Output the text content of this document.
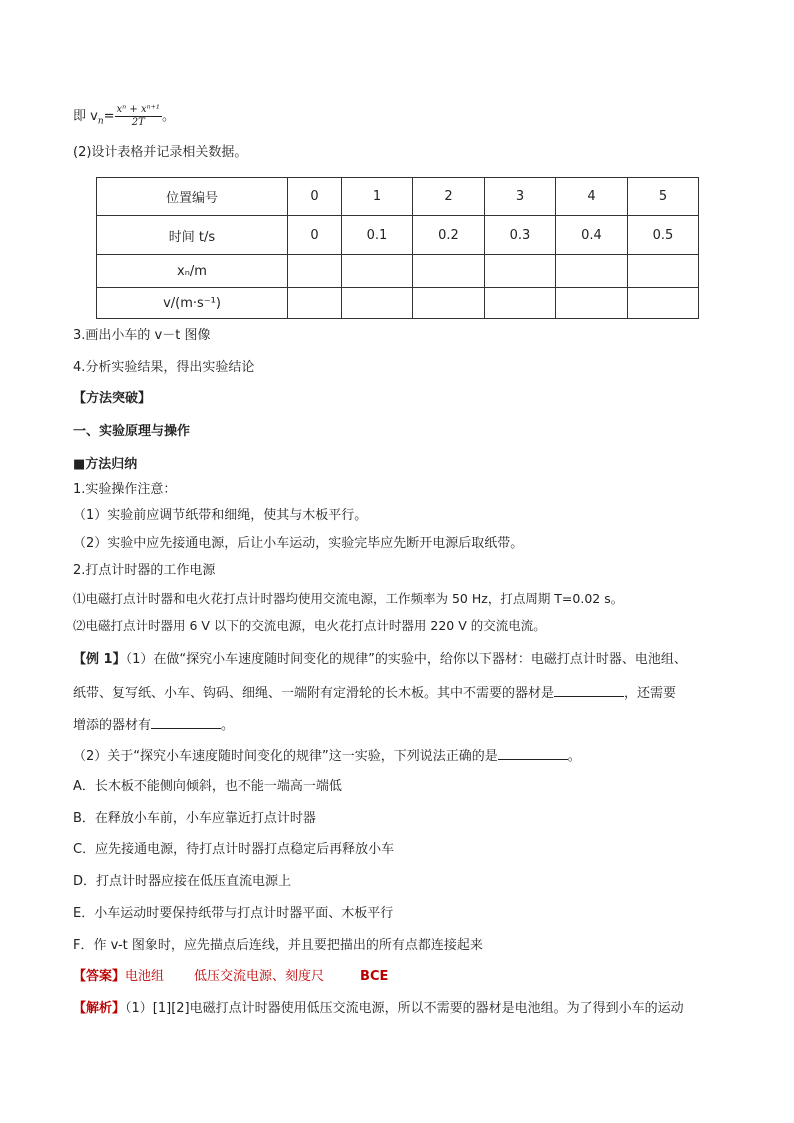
即 $v_n= \frac{\text{xⁿ + xⁿ⁺¹}}{2T}$ 。
(2)设计表格并记录相关数据。
位置编号	0	1	2	3	4	5
时间 t/s	0	0.1	0.2	0.3	0.4	0.5
xₙ/m						
v/(m·s⁻¹)						
3.画出小车的 v－t 图像
4.分析实验结果，得出实验结论
【方法突破】
一、实验原理与操作
■方法归纳
1.实验操作注意：
（1）实验前应调节纸带和细绳，使其与木板平行。
（2）实验中应先接通电源，后让小车运动，实验完毕应先断开电源后取纸带。
2.打点计时器的工作电源
⑴电磁打点计时器和电火花打点计时器均使用交流电源，工作频率为 50 Hz，打点周期 T=0.02 s。
⑵电磁打点计时器用 6 V 以下的交流电源，电火花打点计时器用 220 V 的交流电流。
【例 1】（1）在做“探究小车速度随时间变化的规律”的实验中，给你以下器材：电磁打点计时器、电池组、
纸带、复写纸、小车、钩码、细绳、一端附有定滑轮的长木板。其中不需要的器材是	，还需要
增添的器材有	。
（2）关于“探究小车速度随时间变化的规律”这一实验，下列说法正确的是	。
A．长木板不能侧向倾斜，也不能一端高一端低
B．在释放小车前，小车应靠近打点计时器
C．应先接通电源，待打点计时器打点稳定后再释放小车
D．打点计时器应接在低压直流电源上
E．小车运动时要保持纸带与打点计时器平面、木板平行
F．作 v-t 图象时，应先描点后连线，并且要把描出的所有点都连接起来
【答案】电池组 低压交流电源、刻度尺	BCE
【解析】（1）[1][2]电磁打点计时器使用低压交流电源，所以不需要的器材是电池组。为了得到小车的运动
